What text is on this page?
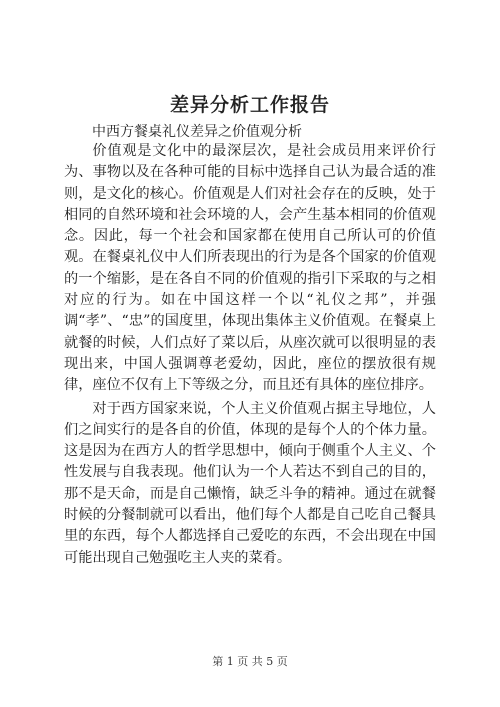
差异分析工作报告

中西方餐桌礼仪差异之价值观分析

价值观是文化中的最深层次，是社会成员用来评价行为、事物以及在各种可能的目标中选择自己认为最合适的准则，是文化的核心。价值观是人们对社会存在的反映，处于相同的自然环境和社会环境的人，会产生基本相同的价值观念。因此，每一个社会和国家都在使用自己所认可的价值观。在餐桌礼仪中人们所表现出的行为是各个国家的价值观的一个缩影，是在各自不同的价值观的指引下采取的与之相对应的行为。如在中国这样一个以“礼仪之邦”，并强调“孝”、“忠”的国度里，体现出集体主义价值观。在餐桌上就餐的时候，人们点好了菜以后，从座次就可以很明显的表现出来，中国人强调尊老爱幼，因此，座位的摆放很有规律，座位不仅有上下等级之分，而且还有具体的座位排序。

对于西方国家来说，个人主义价值观占据主导地位，人们之间实行的是各自的价值，体现的是每个人的个体力量。这是因为在西方人的哲学思想中，倾向于侧重个人主义、个性发展与自我表现。他们认为一个人若达不到自己的目的，那不是天命，而是自己懒惰，缺乏斗争的精神。通过在就餐时候的分餐制就可以看出，他们每个人都是自己吃自己餐具里的东西，每个人都选择自己爱吃的东西，不会出现在中国可能出现自己勉强吃主人夹的菜肴。

第 1 页 共 5 页
